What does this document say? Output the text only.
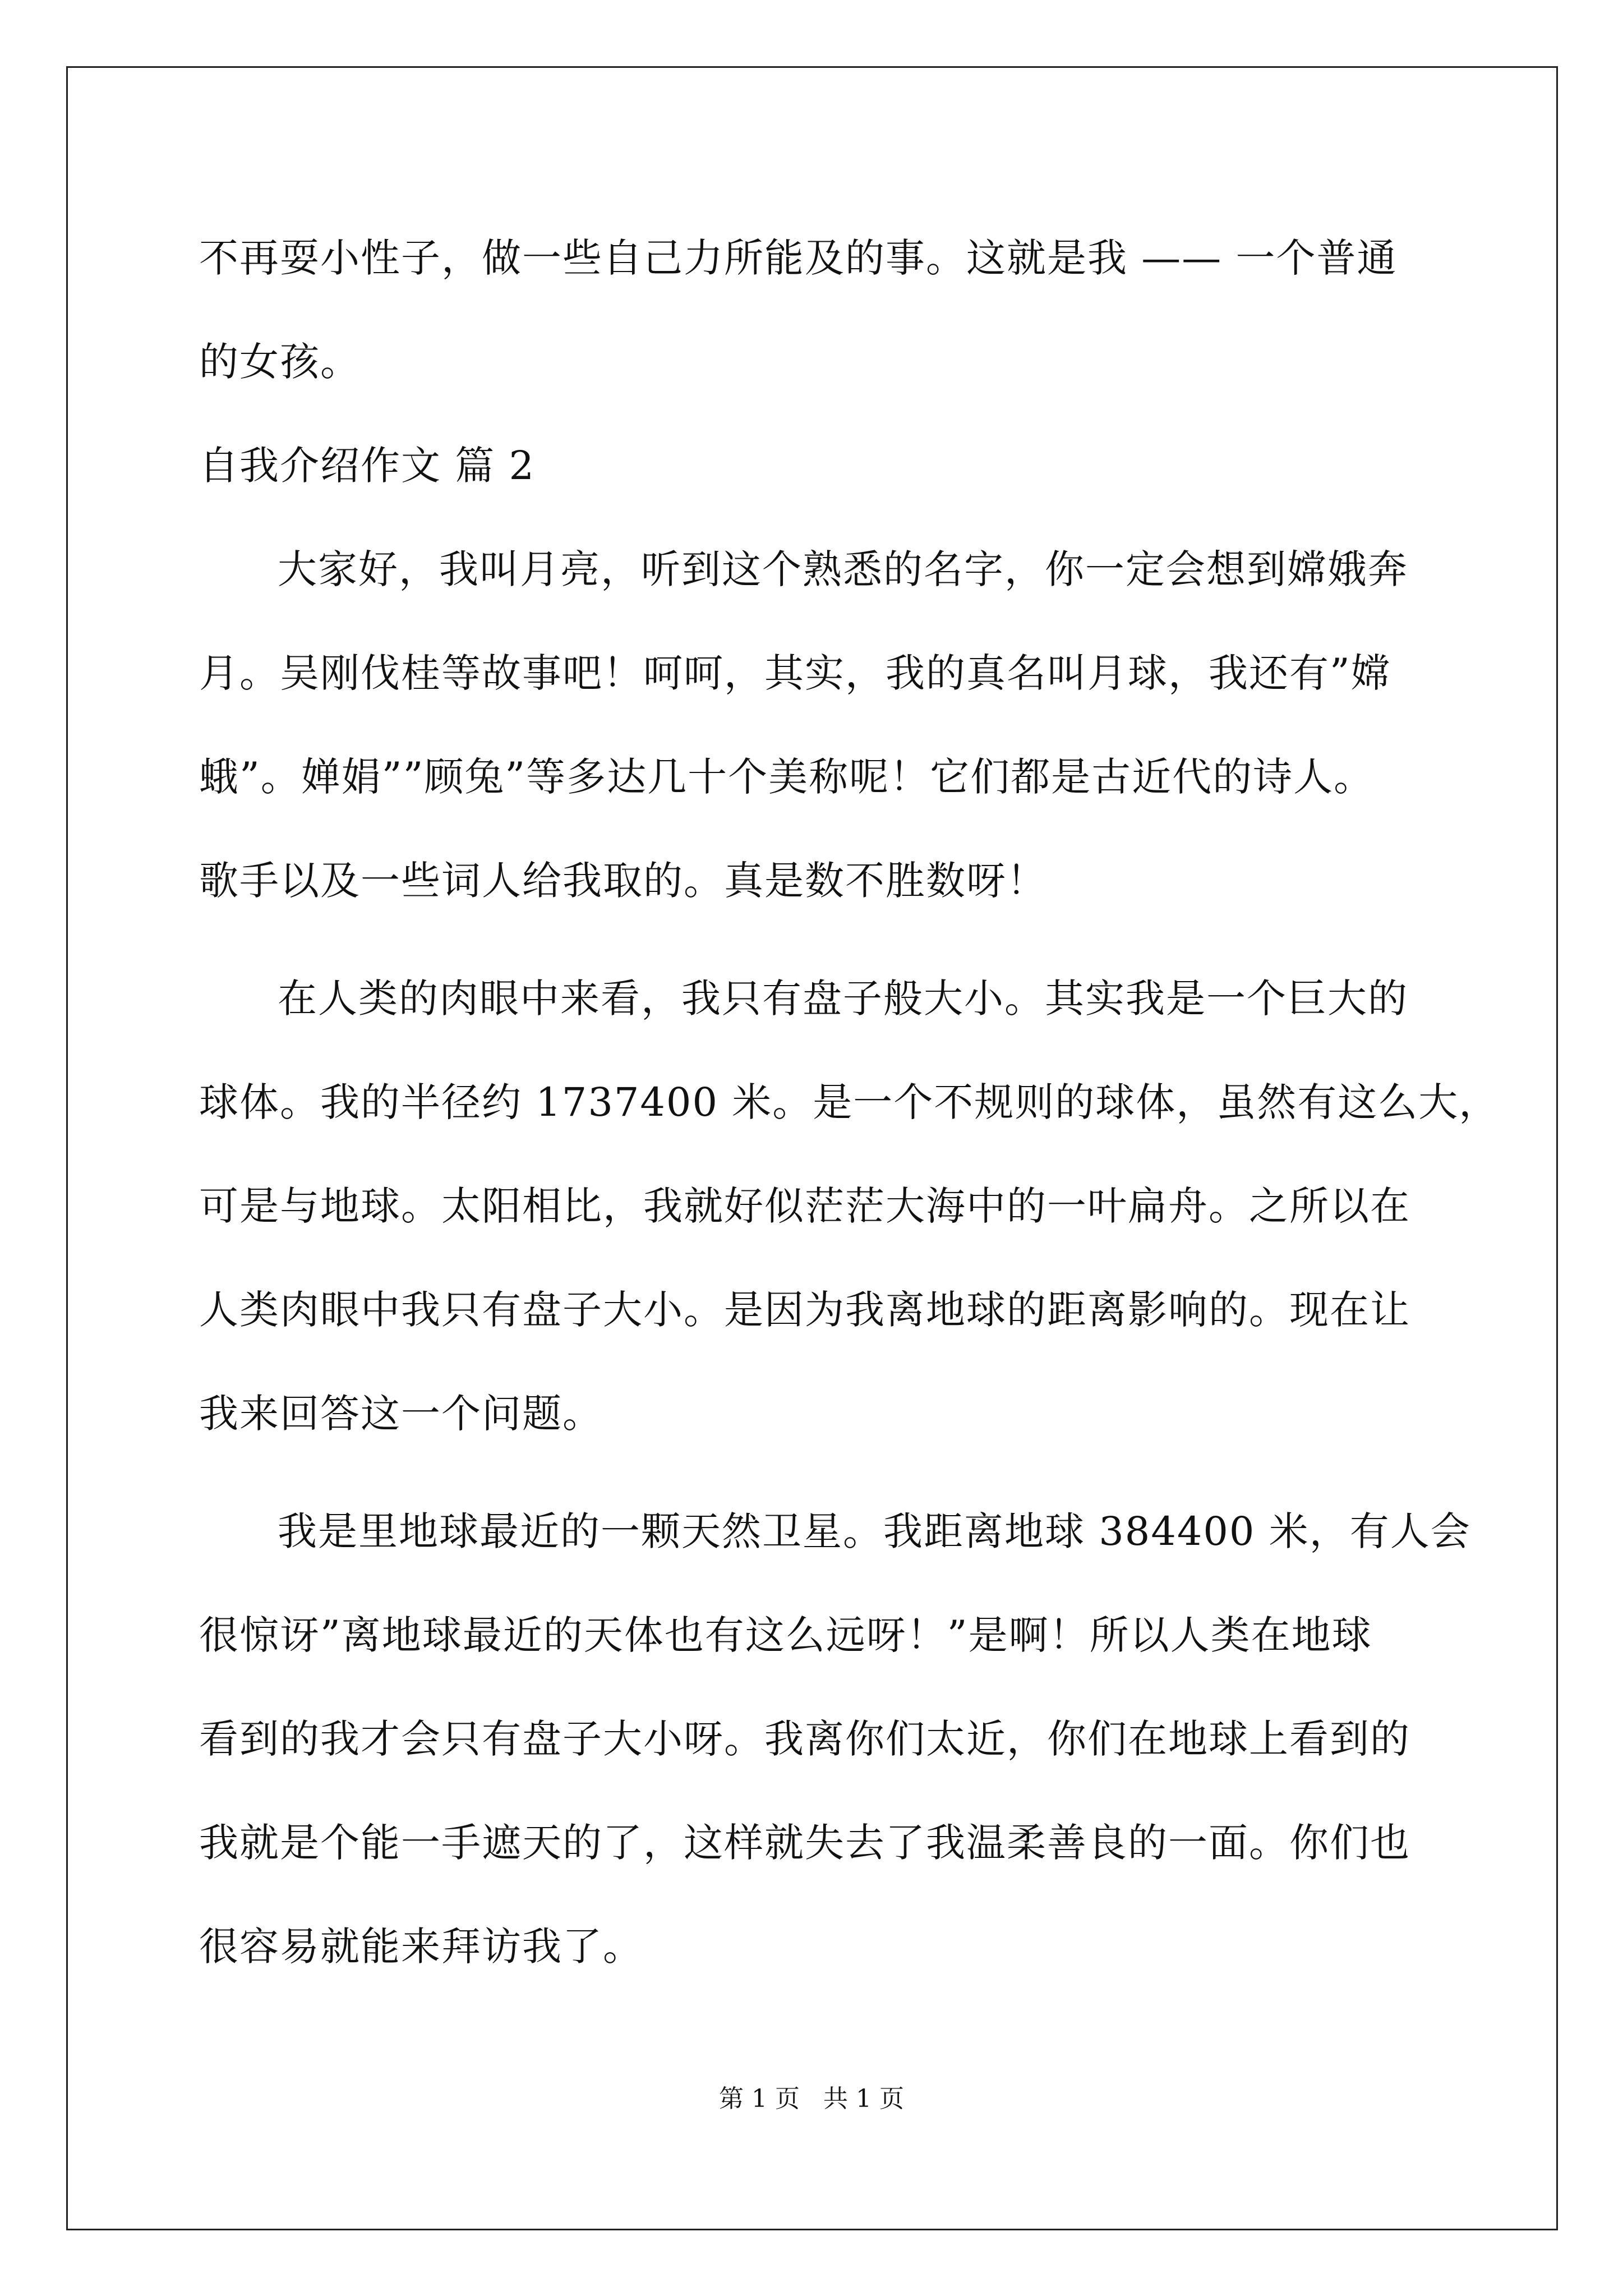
不再耍小性子，做一些自己力所能及的事。这就是我 —— 一个普通
的女孩。
自我介绍作文 篇 2
大家好，我叫月亮，听到这个熟悉的名字，你一定会想到嫦娥奔
月。吴刚伐桂等故事吧！呵呵，其实，我的真名叫月球，我还有”嫦
蛾”。婵娟””顾兔”等多达几十个美称呢！它们都是古近代的诗人。
歌手以及一些词人给我取的。真是数不胜数呀！
在人类的肉眼中来看，我只有盘子般大小。其实我是一个巨大的
球体。我的半径约 1737400 米。是一个不规则的球体，虽然有这么大，
可是与地球。太阳相比，我就好似茫茫大海中的一叶扁舟。之所以在
人类肉眼中我只有盘子大小。是因为我离地球的距离影响的。现在让
我来回答这一个问题。
我是里地球最近的一颗天然卫星。我距离地球 384400 米，有人会
很惊讶”离地球最近的天体也有这么远呀！”是啊！所以人类在地球
看到的我才会只有盘子大小呀。我离你们太近，你们在地球上看到的
我就是个能一手遮天的了，这样就失去了我温柔善良的一面。你们也
很容易就能来拜访我了。
第 1 页   共 1 页
